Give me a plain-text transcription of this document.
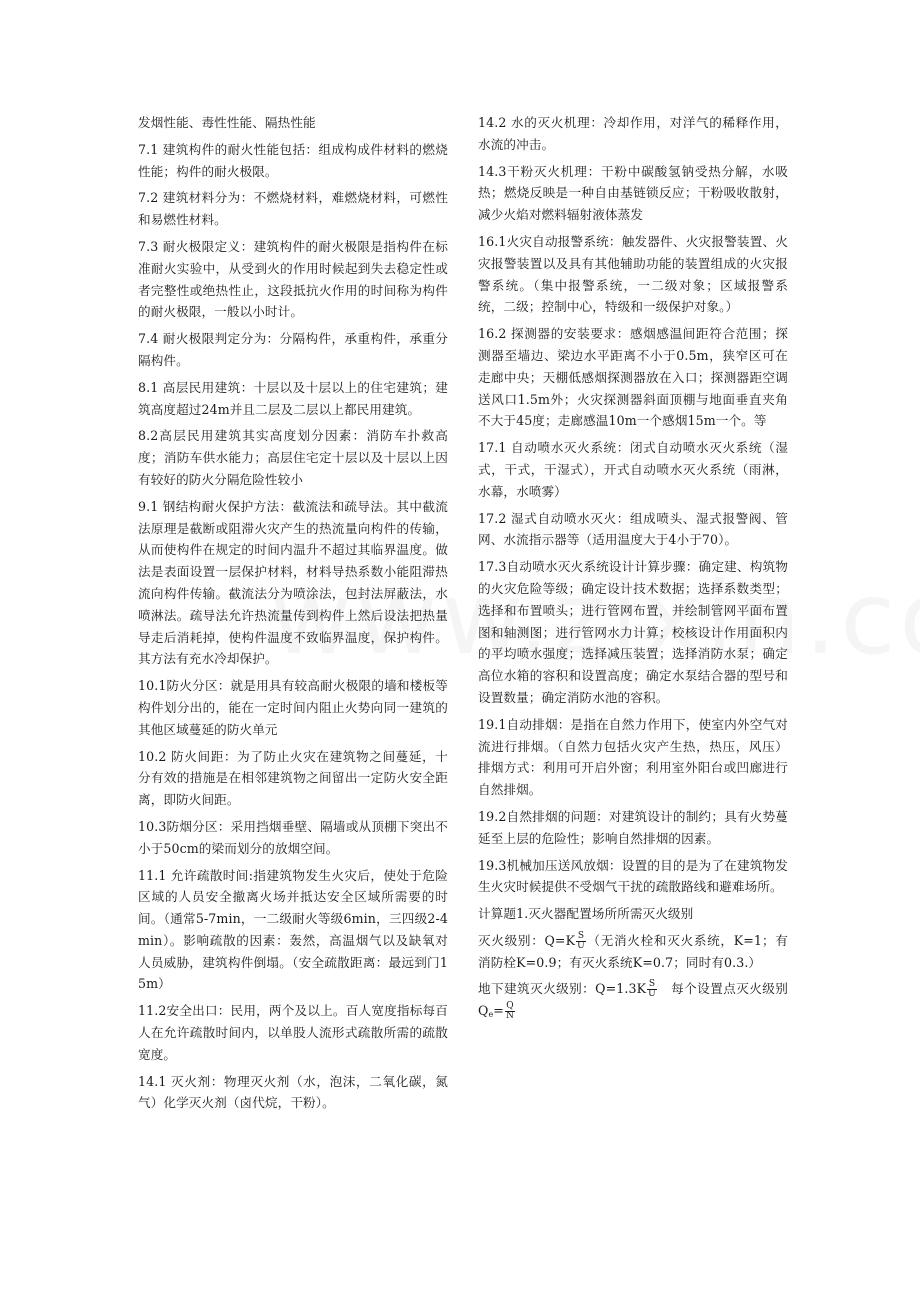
发烟性能、毒性性能、隔热性能

7.1 建筑构件的耐火性能包括：组成构成件材料的燃烧性能；构件的耐火极限。

7.2 建筑材料分为：不燃烧材料，难燃烧材料，可燃性和易燃性材料。

7.3 耐火极限定义：建筑构件的耐火极限是指构件在标准耐火实验中，从受到火的作用时候起到失去稳定性或者完整性或绝热性止，这段抵抗火作用的时间称为构件的耐火极限，一般以小时计。

7.4 耐火极限判定分为：分隔构件，承重构件，承重分隔构件。

8.1 高层民用建筑：十层以及十层以上的住宅建筑；建筑高度超过24m并且二层及二层以上都民用建筑。

8.2高层民用建筑其实高度划分因素：消防车扑救高度；消防车供水能力；高层住宅定十层以及十层以上因有较好的防火分隔危险性较小

9.1 钢结构耐火保护方法：截流法和疏导法。其中截流法原理是截断或阻滞火灾产生的热流量向构件的传输，从而使构件在规定的时间内温升不超过其临界温度。做法是表面设置一层保护材料，材料导热系数小能阻滞热流向构件传输。截流法分为喷涂法，包封法屏蔽法，水喷淋法。疏导法允许热流量传到构件上然后设法把热量导走后消耗掉，使构件温度不致临界温度，保护构件。其方法有充水冷却保护。

10.1防火分区：就是用具有较高耐火极限的墙和楼板等构件划分出的，能在一定时间内阻止火势向同一建筑的其他区域蔓延的防火单元

10.2 防火间距：为了防止火灾在建筑物之间蔓延，十分有效的措施是在相邻建筑物之间留出一定防火安全距离，即防火间距。

10.3防烟分区：采用挡烟垂壁、隔墙或从顶棚下突出不小于50cm的梁而划分的放烟空间。

11.1 允许疏散时间:指建筑物发生火灾后，使处于危险区域的人员安全撤离火场并抵达安全区域所需要的时间。（通常5-7min，一二级耐火等级6min，三四级2-4min）。影响疏散的因素：轰然，高温烟气以及缺氧对人员威胁，建筑构件倒塌。（安全疏散距离：最远到门15m）

11.2安全出口：民用，两个及以上。百人宽度指标每百人在允许疏散时间内，以单股人流形式疏散所需的疏散宽度。

14.1 灭火剂：物理灭火剂（水，泡沫，二氧化碳，氮气）化学灭火剂（卤代烷，干粉）。

14.2 水的灭火机理：冷却作用，对洋气的稀释作用，水流的冲击。

14.3干粉灭火机理：干粉中碳酸氢钠受热分解，水吸热；燃烧反映是一种自由基链锁反应；干粉吸收散射，减少火焰对燃料辐射液体蒸发

16.1火灾自动报警系统：触发器件、火灾报警装置、火灾报警装置以及具有其他辅助功能的装置组成的火灾报警系统。（集中报警系统，一二级对象；区域报警系统，二级；控制中心，特级和一级保护对象。）

16.2 探测器的安装要求：感烟感温间距符合范围；探测器至墙边、梁边水平距离不小于0.5m，狭窄区可在走廊中央；天棚低感烟探测器放在入口；探测器距空调送风口1.5m外；火灾探测器斜面顶棚与地面垂直夹角不大于45度；走廊感温10m一个感烟15m一个。等

17.1 自动喷水灭火系统：闭式自动喷水灭火系统（湿式，干式，干湿式），开式自动喷水灭火系统（雨淋，水幕，水喷雾）

17.2 湿式自动喷水灭火：组成喷头、湿式报警阀、管网、水流指示器等（适用温度大于4小于70）。

17.3自动喷水灭火系统设计计算步骤：确定建、构筑物的火灾危险等级；确定设计技术数据；选择系数类型；选择和布置喷头；进行管网布置，并绘制管网平面布置图和轴测图；进行管网水力计算；校核设计作用面积内的平均喷水强度；选择减压装置；选择消防水泵；确定高位水箱的容积和设置高度；确定水泵结合器的型号和设置数量；确定消防水池的容积。

19.1自动排烟：是指在自然力作用下，使室内外空气对流进行排烟。（自然力包括火灾产生热，热压，风压）排烟方式：利用可开启外窗；利用室外阳台或凹廊进行自然排烟。

19.2自然排烟的问题：对建筑设计的制约；具有火势蔓延至上层的危险性；影响自然排烟的因素。

19.3机械加压送风放烟：设置的目的是为了在建筑物发生火灾时候提供不受烟气干扰的疏散路线和避难场所。

计算题1.灭火器配置场所所需灭火级别

灭火级别：$Q=K \frac{S}{U}$ （无消火栓和灭火系统，K=1；有消防栓K=0.9；有灭火系统K=0.7；同时有0.3.）

地下建筑灭火级别：$Q=1.3K \frac{S}{U}$ 　每个设置点灭火级别$Q_e= \frac{Q}{N}$
